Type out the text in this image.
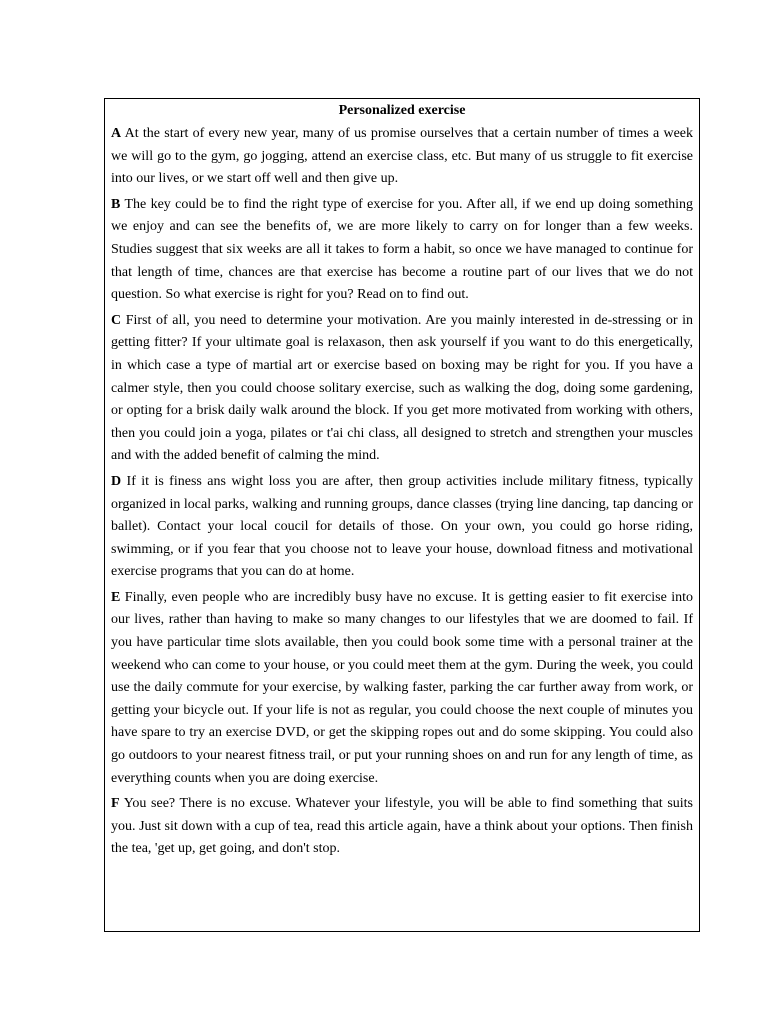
Personalized exercise

A At the start of every new year, many of us promise ourselves that a certain number of times a week we will go to the gym, go jogging, attend an exercise class, etc. But many of us struggle to fit exercise into our lives, or we start off well and then give up.

B The key could be to find the right type of exercise for you. After all, if we end up doing something we enjoy and can see the benefits of, we are more likely to carry on for longer than a few weeks. Studies suggest that six weeks are all it takes to form a habit, so once we have managed to continue for that length of time, chances are that exercise has become a routine part of our lives that we do not question. So what exercise is right for you? Read on to find out.

C First of all, you need to determine your motivation. Are you mainly interested in de-stressing or in getting fitter? If your ultimate goal is relaxason, then ask yourself if you want to do this energetically, in which case a type of martial art or exercise based on boxing may be right for you. If you have a calmer style, then you could choose solitary exercise, such as walking the dog, doing some gardening, or opting for a brisk daily walk around the block. If you get more motivated from working with others, then you could join a yoga, pilates or t'ai chi class, all designed to stretch and strengthen your muscles and with the added benefit of calming the mind.

D If it is finess ans wight loss you are after, then group activities include military fitness, typically organized in local parks, walking and running groups, dance classes (trying line dancing, tap dancing or ballet). Contact your local coucil for details of those. On your own, you could go horse riding, swimming, or if you fear that you choose not to leave your house, download fitness and motivational exercise programs that you can do at home.

E Finally, even people who are incredibly busy have no excuse. It is getting easier to fit exercise into our lives, rather than having to make so many changes to our lifestyles that we are doomed to fail. If you have particular time slots available, then you could book some time with a personal trainer at the weekend who can come to your house, or you could meet them at the gym. During the week, you could use the daily commute for your exercise, by walking faster, parking the car further away from work, or getting your bicycle out. If your life is not as regular, you could choose the next couple of minutes you have spare to try an exercise DVD, or get the skipping ropes out and do some skipping. You could also go outdoors to your nearest fitness trail, or put your running shoes on and run for any length of time, as everything counts when you are doing exercise.

F You see? There is no excuse. Whatever your lifestyle, you will be able to find something that suits you. Just sit down with a cup of tea, read this article again, have a think about your options. Then finish the tea, 'get up, get going, and don't stop.
